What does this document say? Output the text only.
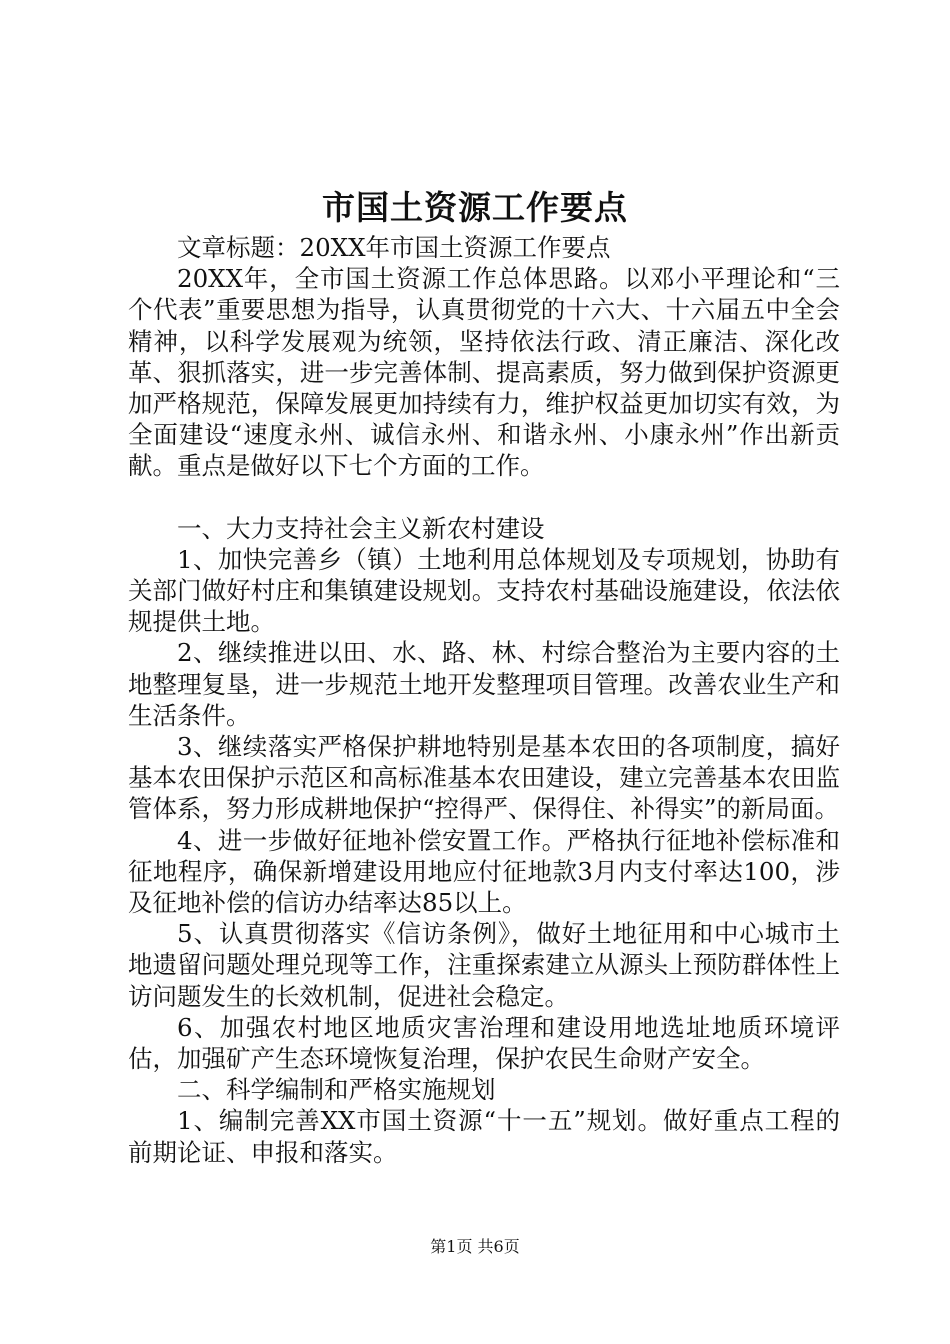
市国土资源工作要点

文章标题：20XX年市国土资源工作要点

20XX年，全市国土资源工作总体思路。以邓小平理论和“三个代表”重要思想为指导，认真贯彻党的十六大、十六届五中全会精神，以科学发展观为统领，坚持依法行政、清正廉洁、深化改革、狠抓落实，进一步完善体制、提高素质，努力做到保护资源更加严格规范，保障发展更加持续有力，维护权益更加切实有效，为全面建设“速度永州、诚信永州、和谐永州、小康永州”作出新贡献。重点是做好以下七个方面的工作。

一、大力支持社会主义新农村建设

1、加快完善乡（镇）土地利用总体规划及专项规划，协助有关部门做好村庄和集镇建设规划。支持农村基础设施建设，依法依规提供土地。

2、继续推进以田、水、路、林、村综合整治为主要内容的土地整理复垦，进一步规范土地开发整理项目管理。改善农业生产和生活条件。

3、继续落实严格保护耕地特别是基本农田的各项制度，搞好基本农田保护示范区和高标准基本农田建设，建立完善基本农田监管体系，努力形成耕地保护“控得严、保得住、补得实”的新局面。

4、进一步做好征地补偿安置工作。严格执行征地补偿标准和征地程序，确保新增建设用地应付征地款3月内支付率达100，涉及征地补偿的信访办结率达85以上。

5、认真贯彻落实《信访条例》，做好土地征用和中心城市土地遗留问题处理兑现等工作，注重探索建立从源头上预防群体性上访问题发生的长效机制，促进社会稳定。

6、加强农村地区地质灾害治理和建设用地选址地质环境评估，加强矿产生态环境恢复治理，保护农民生命财产安全。

二、科学编制和严格实施规划

1、编制完善XX市国土资源“十一五”规划。做好重点工程的前期论证、申报和落实。

第1页 共6页
